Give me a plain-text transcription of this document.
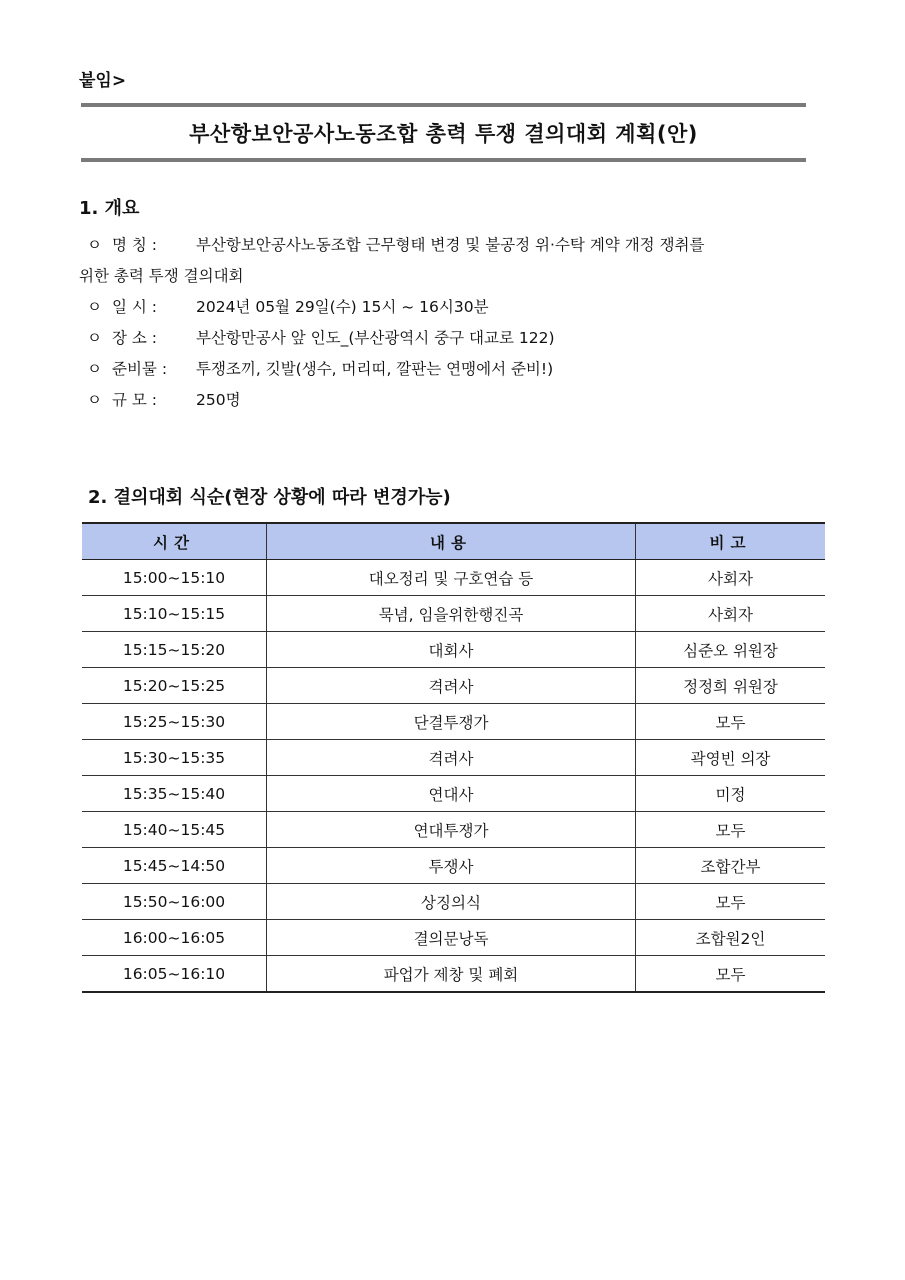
붙임>
부산항보안공사노동조합 총력 투쟁 결의대회 계획(안)
1. 개요
ㅇ 명 칭 :	부산항보안공사노동조합 근무형태 변경 및 불공정 위·수탁 계약 개정 쟁취를
위한 총력 투쟁 결의대회
ㅇ 일 시 :	2024년 05월 29일(수) 15시 ~ 16시30분
ㅇ 장 소 :	부산항만공사 앞 인도_(부산광역시 중구 대교로 122)
ㅇ 준비물 : 투쟁조끼, 깃발(생수, 머리띠, 깔판는 연맹에서 준비!)
ㅇ 규 모 :	250명
2. 결의대회 식순(현장 상황에 따라 변경가능)
시간	내용	비고
15:00~15:10	대오정리 및 구호연습 등	사회자
15:10~15:15	묵념, 임을위한행진곡	사회자
15:15~15:20	대회사	심준오 위원장
15:20~15:25	격려사	정정희 위원장
15:25~15:30	단결투쟁가	모두
15:30~15:35	격려사	곽영빈 의장
15:35~15:40	연대사	미정
15:40~15:45	연대투쟁가	모두
15:45~14:50	투쟁사	조합간부
15:50~16:00	상징의식	모두
16:00~16:05	결의문낭독	조합원2인
16:05~16:10	파업가 제창 및 폐회	모두
